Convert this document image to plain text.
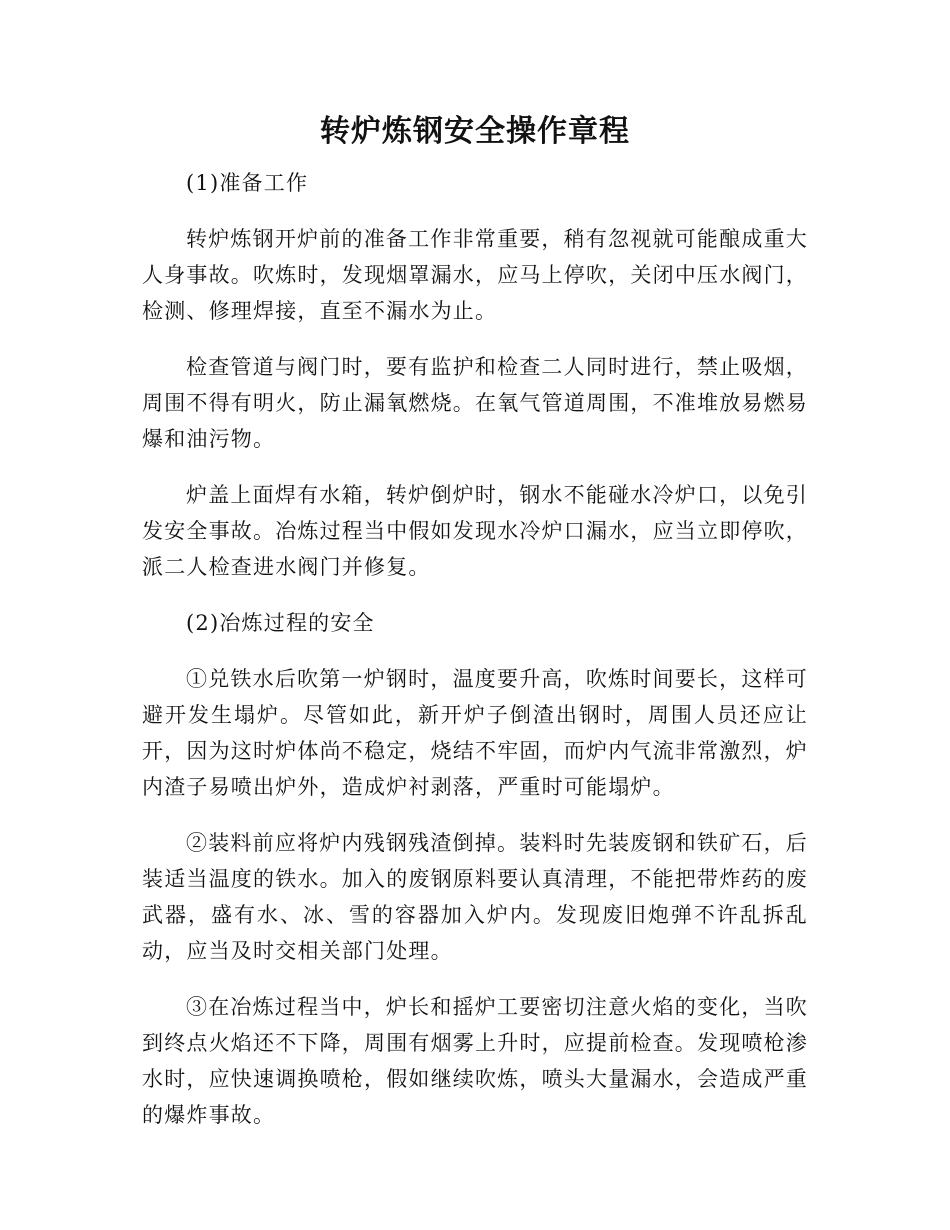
转炉炼钢安全操作章程

(1)准备工作

转炉炼钢开炉前的准备工作非常重要，稍有忽视就可能酿成重大人身事故。吹炼时，发现烟罩漏水，应马上停吹，关闭中压水阀门，检测、修理焊接，直至不漏水为止。

检查管道与阀门时，要有监护和检查二人同时进行，禁止吸烟，周围不得有明火，防止漏氧燃烧。在氧气管道周围，不准堆放易燃易爆和油污物。

炉盖上面焊有水箱，转炉倒炉时，钢水不能碰水冷炉口，以免引发安全事故。冶炼过程当中假如发现水冷炉口漏水，应当立即停吹，派二人检查进水阀门并修复。

(2)冶炼过程的安全

①兑铁水后吹第一炉钢时，温度要升高，吹炼时间要长，这样可避开发生塌炉。尽管如此，新开炉子倒渣出钢时，周围人员还应让开，因为这时炉体尚不稳定，烧结不牢固，而炉内气流非常激烈，炉内渣子易喷出炉外，造成炉衬剥落，严重时可能塌炉。

②装料前应将炉内残钢残渣倒掉。装料时先装废钢和铁矿石，后装适当温度的铁水。加入的废钢原料要认真清理，不能把带炸药的废武器，盛有水、冰、雪的容器加入炉内。发现废旧炮弹不许乱拆乱动，应当及时交相关部门处理。

③在冶炼过程当中，炉长和摇炉工要密切注意火焰的变化，当吹到终点火焰还不下降，周围有烟雾上升时，应提前检查。发现喷枪渗水时，应快速调换喷枪，假如继续吹炼，喷头大量漏水，会造成严重的爆炸事故。
